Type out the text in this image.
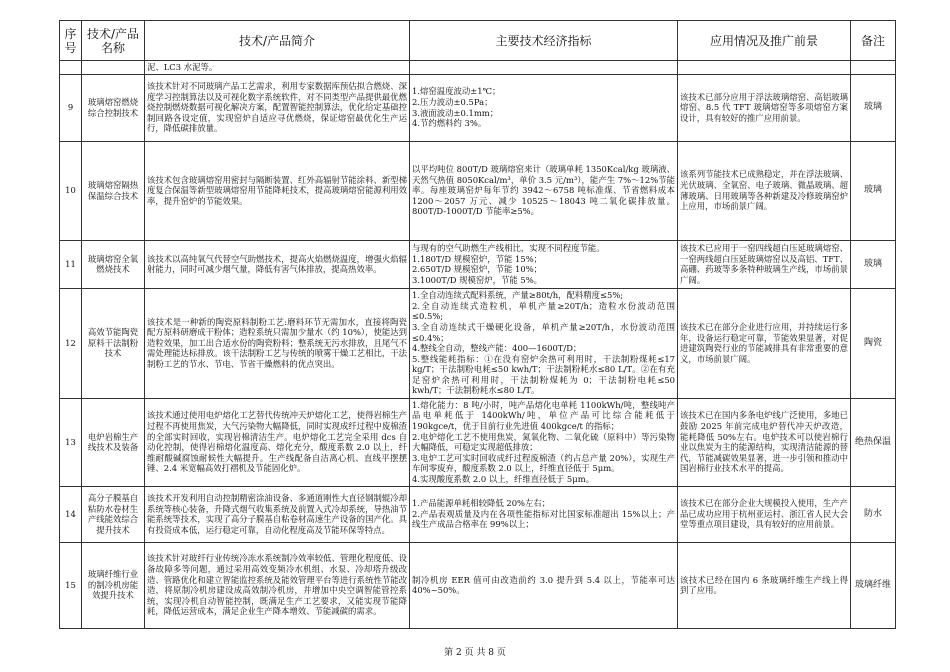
序号	技术/产品名称	技术/产品简介	主要技术经济指标	应用情况及推广前景	备注
		泥、LC3 水泥等。			
9	玻璃熔窑燃烧综合控制技术	该技术针对不同玻璃产品工艺需求，利用专家数据库预估拟合燃烧、深度学习控制算法以及可视化数字系统软件，对不同类型产品提供最优燃烧控制燃烧数据可视化解决方案，配置智能控制算法，优化给定基础控制回路各设定值，实现窑炉自适应寻优燃烧，保证熔窑最优化生产运行，降低碳排放量。	1.熔窑温度波动±1℃；
2.压力波动±0.5Pa；
3.液面波动±0.1mm；
4.节约燃料约 3%。	该技术已部分应用于浮法玻璃熔窑、高铝玻璃熔窑、8.5 代 TFT 玻璃熔窑等多项熔窑方案设计，具有较好的推广应用前景。	玻璃
10	玻璃熔窑隔热保温综合技术	该技术包含玻璃熔窑用密封与隔断装置、红外高辐射节能涂料、新型梯度复合保温等新型玻璃熔窑用节能降耗技术，提高玻璃熔窑能源利用效率，提升窑炉的节能效果。	以平均吨位 800T/D 玻璃熔窑来计（玻璃单耗 1350Kcal/kg 玻璃液、天然气热值 8050Kcal/m³，单价 3.5 元/m³），能产生 7%～12%节能率。每座玻璃窑炉每年节约 3942～6758 吨标准煤、节省燃料成本 1200～2057 万元、减少 10525～18043 吨二氧化碳排放量。800T/D-1000T/D 节能率≥5%。	该系列节能技术已成熟稳定，并在浮法玻璃、光伏玻璃、全氧窑、电子玻璃、微晶玻璃、超薄玻璃、日用玻璃等各种新建及冷修玻璃窑炉上应用，市场前景广阔。	玻璃
11	玻璃熔窑全氧燃烧技术	该技术以高纯氧气代替空气助燃技术，提高火焰燃烧温度，增强火焰辐射能力，同时可减少烟气量，降低有害气体排放，提高热效率。	与现有的空气助燃生产线相比，实现不同程度节能。
1.180T/D 规模窑炉，节能 15%；
2.650T/D 规模窑炉，节能 10%；
3.1000T/D 规模窑炉，节能 5%。	该技术已应用于一窑四线超白压延玻璃熔窑、一窑两线超白压延玻璃熔窑以及高铝、TFT、高硼、药玻等多条特种玻璃生产线，市场前景广阔。	玻璃
12	高效节能陶瓷原料干法制粉技术	该技术是一种新的陶瓷原料制粉工艺:磨料环节无需加水，直接将陶瓷配方原料研磨成干粉体；造粒系统只需加少量水（约 10%），使能达到造粒效果，加工出合适水份的陶瓷粉料；整系统无污水排放，且尾气不需处理能达标排放。该干法制粉工艺与传统的喷雾干燥工艺相比，干法制粉工艺的节水、节电、节省干燥燃料的优点突出。	1.全自动连续式配料系统，产量≥80t/h，配料精度≤5%;
2.全自动连续式造粒机，单机产量≥20T/h；造粒水份波动范围≤0.5%;
3.全自动连续式干燥硬化设备，单机产量≥20T/h，水份波动范围≤0.4%；
4.整线全自动，整线产能：400—1600T/D；
5.整线能耗指标：①在没有窑炉余热可利用时，干法制粉煤耗≤17 kg/T；干法制粉电耗≤50 kwh/T；干法制粉耗水≤80 L/T。②在有充足窑炉余热可利用时，干法制粉煤耗为 0；干法制粉电耗≤50 kwh/T；干法制粉耗水≤80 L/T。	该技术已在部分企业进行应用，并持续运行多年，设备运行稳定可靠，节能效果显著，对促进建筑陶瓷行业的节能减排具有非常重要的意义，市场前景广阔。	陶瓷
13	电炉岩棉生产线技术及装备	该技术通过使用电炉熔化工艺替代传统冲天炉熔化工艺，使得岩棉生产过程不再使用焦炭，大气污染物大幅降低，同时实现成纤过程中废棉渣的全部实时回收，实现岩棉清洁生产。电炉熔化工艺完全采用 dcs 自动化控制，使得岩棉熔化温度高、熔化充分，酸度系数 2.0 以上，纤维耐酸碱腐蚀耐候性大幅提升。生产线配备自洁离心机、直线平摆摆锤、2.4 米宽幅高效打褶机及节能固化炉。	1.熔化能力：8 吨/小时，吨产品熔化电单耗 1100kWh/吨，整线吨产品电单耗低于 1400kWh/吨，单位产品可比综合能耗低于 190kgce/t，优于目前行业先进值 400kgce/t 的指标；
2.电炉熔化工艺不使用焦炭，氮氧化物、二氧化硫（原料中）等污染物大幅降低，可稳定实现超低排放；
3.电炉工艺可实时回收成纤过程废棉渣（约占总产量 20%），实现生产车间零废弃，酸度系数 2.0 以上，纤维直径低于 5μm。
4.实现酸度系数 2.0 以上，纤维直径低于 5μm。	该技术已在国内多条电炉线广泛使用，多地已鼓励 2025 年前完成电炉替代冲天炉改造，能耗降低 50%左右。电炉技术可以使岩棉行业以焦炭为主的能源结构，实现清洁能源的替代，节能减碳效果显著，进一步引领和推动中国岩棉行业技术水平的提高。	绝热保温
14	高分子膜基自粘防水卷材生产线能效综合提升技术	该技术开发利用自动控制精密涂油设备、多通道刚性大直径钢制辊冷却系统等核心装备，升降式烟气收集系统及前置入式冷却系统，导热油节能系统等技术，实现了高分子膜基自粘卷材高速生产设备的国产化。具有投资成本低，运行稳定可靠，自动化程度高及节能环保等特点。	1.产品能源单耗相较降低 20%左右；
2.产品表观质量及内在各项性能指标对比国家标准超出 15%以上；产线生产成品合格率在 99%以上；	该技术已在部分企业大规模投入使用，生产产品已成功应用于杭州亚运村、浙江省人民大会堂等重点项目建设，具有较好的应用前景。	防水
15	玻璃纤维行业的制冷机房能效提升技术	该技术针对玻纤行业传统冷冻水系统制冷效率较低、管理化程度低、设备故障多等问题，通过采用高效变频冷水机组、水泵、冷却塔升级改造、管路优化和建立智能监控系统及能效管理平台等进行系统性节能改造，将原制冷机房建设成高效制冷机房，并增加中央空调智能管控系统，实现冷机自动智能控制，既满足生产工艺要求，又能实现节能降耗，降低运营成本，满足企业生产降本增效、节能减碳的需求。	制冷机房 EER 值可由改造前约 3.0 提升到 5.4 以上，节能率可达 40%~50%。	该技术已经在国内 6 条玻璃纤维生产线上得到了应用。	玻璃纤维
第 2 页 共 8 页
